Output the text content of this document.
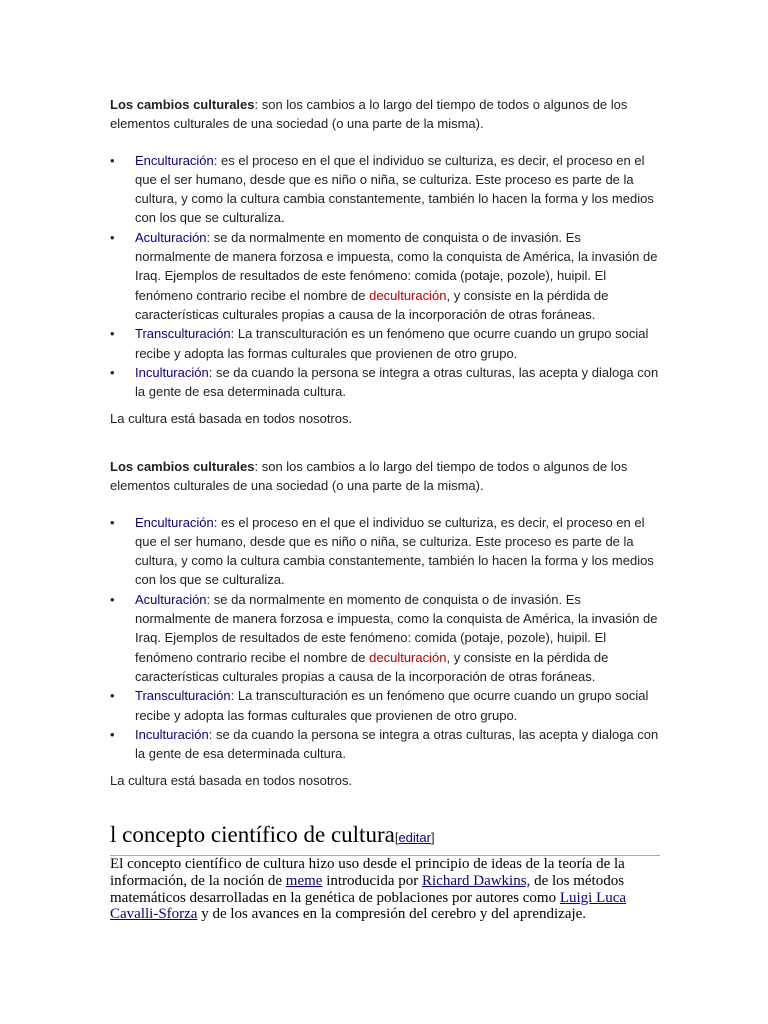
Los cambios culturales: son los cambios a lo largo del tiempo de todos o algunos de los elementos culturales de una sociedad (o una parte de la misma).

•	Enculturación: es el proceso en el que el individuo se culturiza, es decir, el proceso en el que el ser humano, desde que es niño o niña, se culturiza. Este proceso es parte de la cultura, y como la cultura cambia constantemente, también lo hacen la forma y los medios con los que se culturaliza.
•	Aculturación: se da normalmente en momento de conquista o de invasión. Es normalmente de manera forzosa e impuesta, como la conquista de América, la invasión de Iraq. Ejemplos de resultados de este fenómeno: comida (potaje, pozole), huipil. El fenómeno contrario recibe el nombre de deculturación, y consiste en la pérdida de características culturales propias a causa de la incorporación de otras foráneas.
•	Transculturación: La transculturación es un fenómeno que ocurre cuando un grupo social recibe y adopta las formas culturales que provienen de otro grupo.
•	Inculturación: se da cuando la persona se integra a otras culturas, las acepta y dialoga con la gente de esa determinada cultura.

La cultura está basada en todos nosotros.

Los cambios culturales: son los cambios a lo largo del tiempo de todos o algunos de los elementos culturales de una sociedad (o una parte de la misma).

•	Enculturación: es el proceso en el que el individuo se culturiza, es decir, el proceso en el que el ser humano, desde que es niño o niña, se culturiza. Este proceso es parte de la cultura, y como la cultura cambia constantemente, también lo hacen la forma y los medios con los que se culturaliza.
•	Aculturación: se da normalmente en momento de conquista o de invasión. Es normalmente de manera forzosa e impuesta, como la conquista de América, la invasión de Iraq. Ejemplos de resultados de este fenómeno: comida (potaje, pozole), huipil. El fenómeno contrario recibe el nombre de deculturación, y consiste en la pérdida de características culturales propias a causa de la incorporación de otras foráneas.
•	Transculturación: La transculturación es un fenómeno que ocurre cuando un grupo social recibe y adopta las formas culturales que provienen de otro grupo.
•	Inculturación: se da cuando la persona se integra a otras culturas, las acepta y dialoga con la gente de esa determinada cultura.

La cultura está basada en todos nosotros.

l concepto científico de cultura[editar]

El concepto científico de cultura hizo uso desde el principio de ideas de la teoría de la información, de la noción de meme introducida por Richard Dawkins, de los métodos matemáticos desarrolladas en la genética de poblaciones por autores como Luigi Luca Cavalli-Sforza y de los avances en la compresión del cerebro y del aprendizaje.
